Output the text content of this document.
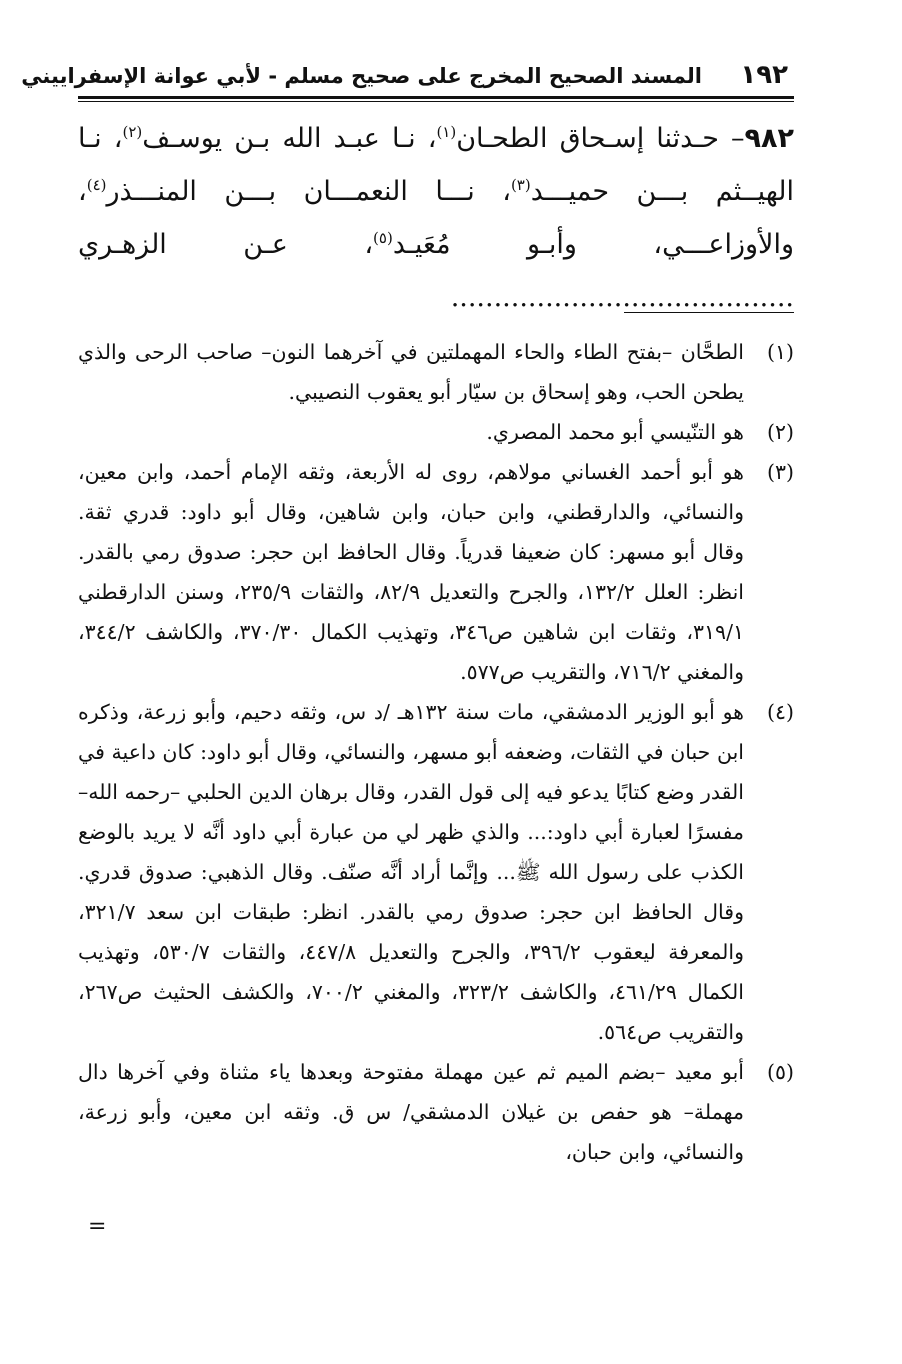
١٩٢
المسند الصحيح المخرج على صحيح مسلم - لأبي عوانة الإسفراييني
٩٨٢– حـدثنا إسـحاق الطحـان$^{(١)}$، نـا عبـد الله بـن يوسـف$^{(٢)}$، نـا الهيــثم بـــن حميـــد$^{(٣)}$، نـــا النعمـــان بـــن المنـــذر$^{(٤)}$، والأوزاعـــي، وأبـو مُعَيـد$^{(٥)}$، عـن الزهـري ........................................
(١)
الطحَّان –بفتح الطاء والحاء المهملتين في آخرهما النون– صاحب الرحى والذي يطحن الحب، وهو إسحاق بن سيّار أبو يعقوب النصيبي.
(٢)
هو التنّيسي أبو محمد المصري.
(٣)
هو أبو أحمد الغساني مولاهم، روى له الأربعة، وثقه الإمام أحمد، وابن معين، والنسائي، والدارقطني، وابن حبان، وابن شاهين، وقال أبو داود: قدري ثقة. وقال أبو مسهر: كان ضعيفا قدرياً. وقال الحافظ ابن حجر: صدوق رمي بالقدر. انظر: العلل ١٣٢/٢، والجرح والتعديل ٨٢/٩، والثقات ٢٣٥/٩، وسنن الدارقطني ٣١٩/١، وثقات ابن شاهين ص٣٤٦، وتهذيب الكمال ٣٧٠/٣٠، والكاشف ٣٤٤/٢، والمغني ٧١٦/٢، والتقريب ص٥٧٧.
(٤)
هو أبو الوزير الدمشقي، مات سنة ١٣٢هـ /د س، وثقه دحيم، وأبو زرعة، وذكره ابن حبان في الثقات، وضعفه أبو مسهر، والنسائي، وقال أبو داود: كان داعية في القدر وضع كتابًا يدعو فيه إلى قول القدر، وقال برهان الدين الحلبي –رحمه الله– مفسرًا لعبارة أبي داود:... والذي ظهر لي من عبارة أبي داود أنَّه لا يريد بالوضع الكذب على رسول الله ﷺ... وإنَّما أراد أنَّه صنّف. وقال الذهبي: صدوق قدري. وقال الحافظ ابن حجر: صدوق رمي بالقدر. انظر: طبقات ابن سعد ٣٢١/٧، والمعرفة ليعقوب ٣٩٦/٢، والجرح والتعديل ٤٤٧/٨، والثقات ٥٣٠/٧، وتهذيب الكمال ٤٦١/٢٩، والكاشف ٣٢٣/٢، والمغني ٧٠٠/٢، والكشف الحثيث ص٢٦٧، والتقريب ص٥٦٤.
(٥)
أبو معيد –بضم الميم ثم عين مهملة مفتوحة وبعدها ياء مثناة وفي آخرها دال مهملة– هو حفص بن غيلان الدمشقي/ س ق. وثقه ابن معين، وأبو زرعة، والنسائي، وابن حبان،
=
